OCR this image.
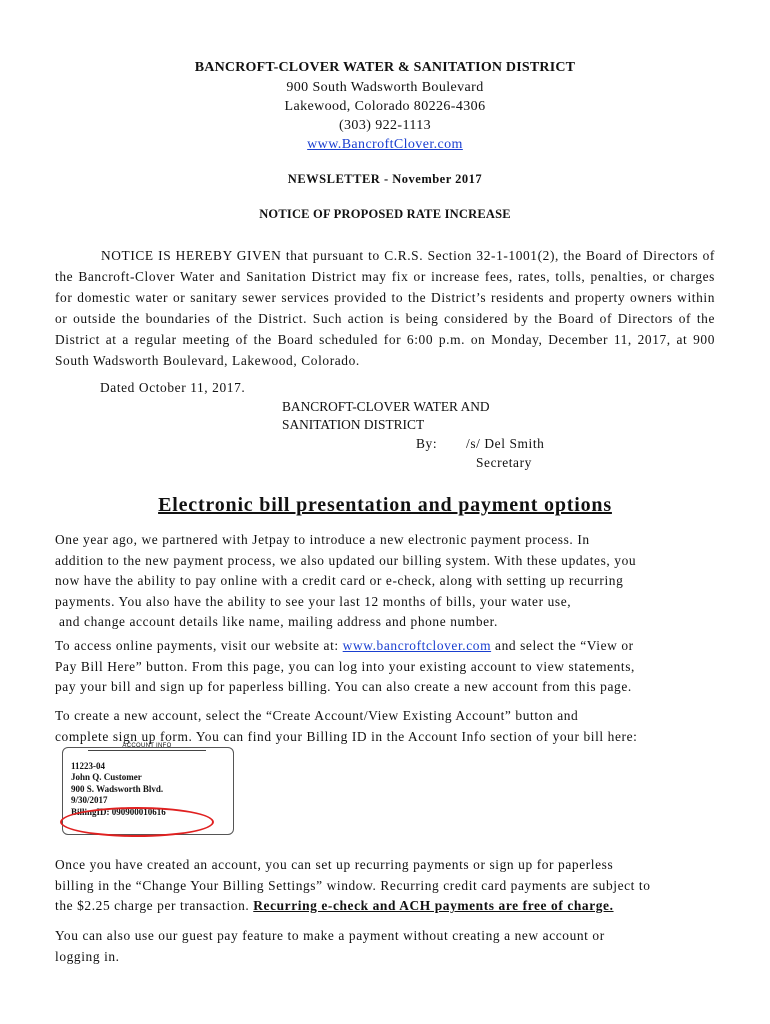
BANCROFT-CLOVER WATER & SANITATION DISTRICT
900 South Wadsworth Boulevard
Lakewood, Colorado 80226-4306
(303) 922-1113
www.BancroftClover.com
NEWSLETTER - November 2017
NOTICE OF PROPOSED RATE INCREASE
NOTICE IS HEREBY GIVEN that pursuant to C.R.S. Section 32-1-1001(2), the Board of Directors of the Bancroft-Clover Water and Sanitation District may fix or increase fees, rates, tolls, penalties, or charges for domestic water or sanitary sewer services provided to the District’s residents and property owners within or outside the boundaries of the District. Such action is being considered by the Board of Directors of the District at a regular meeting of the Board scheduled for 6:00 p.m. on Monday, December 11, 2017, at 900 South Wadsworth Boulevard, Lakewood, Colorado.
Dated October 11, 2017.
BANCROFT-CLOVER WATER AND
SANITATION DISTRICT
By: /s/ Del Smith
Secretary
Electronic bill presentation and payment options
One year ago, we partnered with Jetpay to introduce a new electronic payment process. In
addition to the new payment process, we also updated our billing system. With these updates, you
now have the ability to pay online with a credit card or e-check, along with setting up recurring
payments. You also have the ability to see your last 12 months of bills, your water use,
and change account details like name, mailing address and phone number.
To access online payments, visit our website at: www.bancroftclover.com and select the “View or
Pay Bill Here” button. From this page, you can log into your existing account to view statements,
pay your bill and sign up for paperless billing. You can also create a new account from this page.
To create a new account, select the “Create Account/View Existing Account” button and
complete sign up form. You can find your Billing ID in the Account Info section of your bill here:
ACCOUNT INFO
11223-04
John Q. Customer
900 S. Wadsworth Blvd.
9/30/2017
BillingID: 090900010616
Once you have created an account, you can set up recurring payments or sign up for paperless
billing in the “Change Your Billing Settings” window. Recurring credit card payments are subject to
the $2.25 charge per transaction. Recurring e-check and ACH payments are free of charge.
You can also use our guest pay feature to make a payment without creating a new account or
logging in.
